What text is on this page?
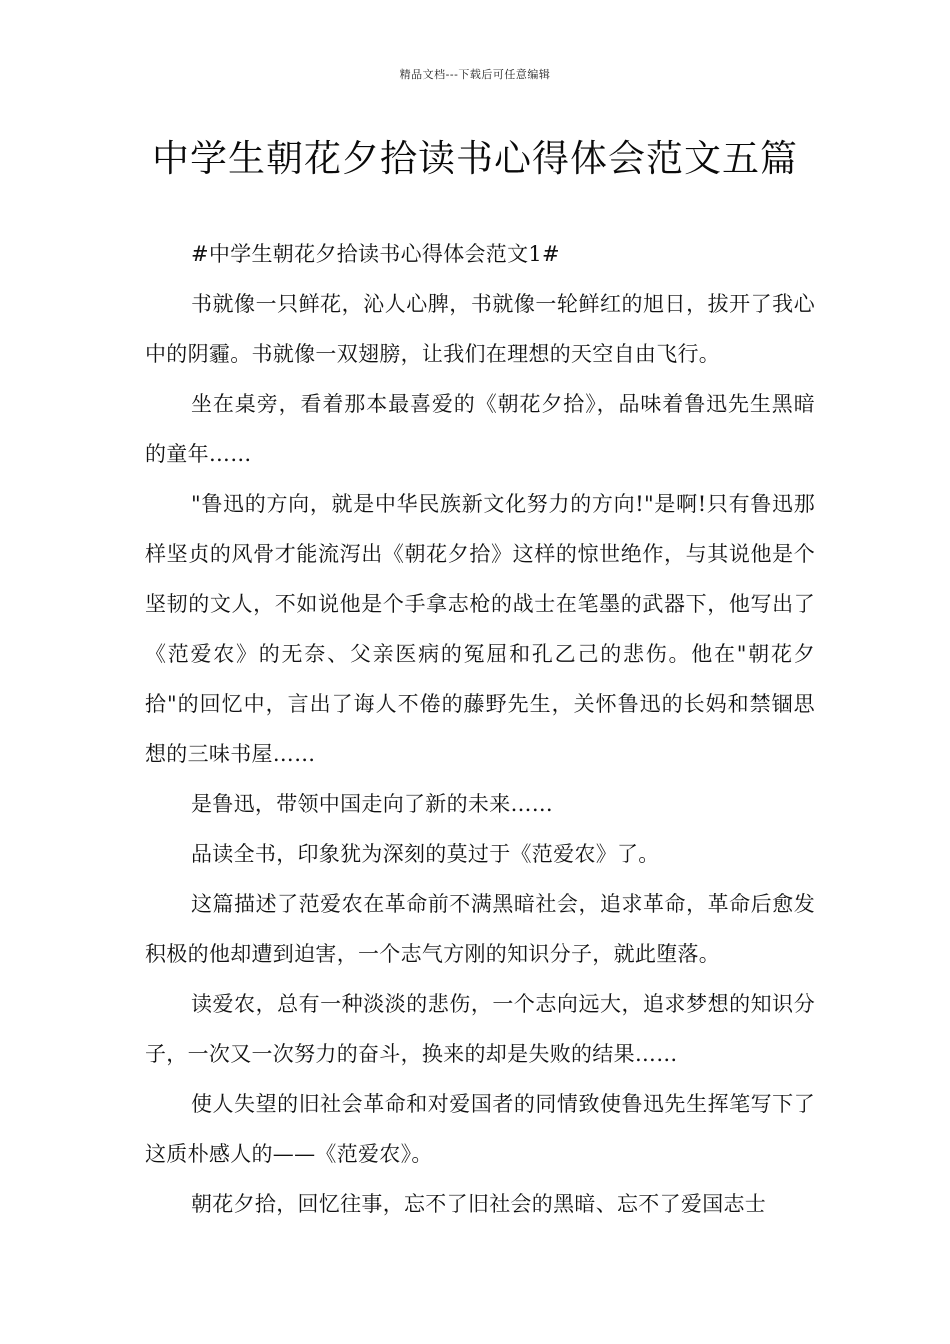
精品文档---下载后可任意编辑
中学生朝花夕拾读书心得体会范文五篇

#中学生朝花夕拾读书心得体会范文1#

书就像一只鲜花，沁人心脾，书就像一轮鲜红的旭日，拔开了我心中的阴霾。书就像一双翅膀，让我们在理想的天空自由飞行。

坐在桌旁，看着那本最喜爱的《朝花夕拾》，品味着鲁迅先生黑暗的童年……

"鲁迅的方向，就是中华民族新文化努力的方向!"是啊!只有鲁迅那样坚贞的风骨才能流泻出《朝花夕拾》这样的惊世绝作，与其说他是个坚韧的文人，不如说他是个手拿志枪的战士在笔墨的武器下，他写出了《范爱农》的无奈、父亲医病的冤屈和孔乙己的悲伤。他在"朝花夕拾"的回忆中，言出了诲人不倦的藤野先生，关怀鲁迅的长妈和禁锢思想的三味书屋……

是鲁迅，带领中国走向了新的未来……

品读全书，印象犹为深刻的莫过于《范爱农》了。

这篇描述了范爱农在革命前不满黑暗社会，追求革命，革命后愈发积极的他却遭到迫害，一个志气方刚的知识分子，就此堕落。

读爱农，总有一种淡淡的悲伤，一个志向远大，追求梦想的知识分子，一次又一次努力的奋斗，换来的却是失败的结果……

使人失望的旧社会革命和对爱国者的同情致使鲁迅先生挥笔写下了这质朴感人的——《范爱农》。

朝花夕拾，回忆往事，忘不了旧社会的黑暗、忘不了爱国志士
